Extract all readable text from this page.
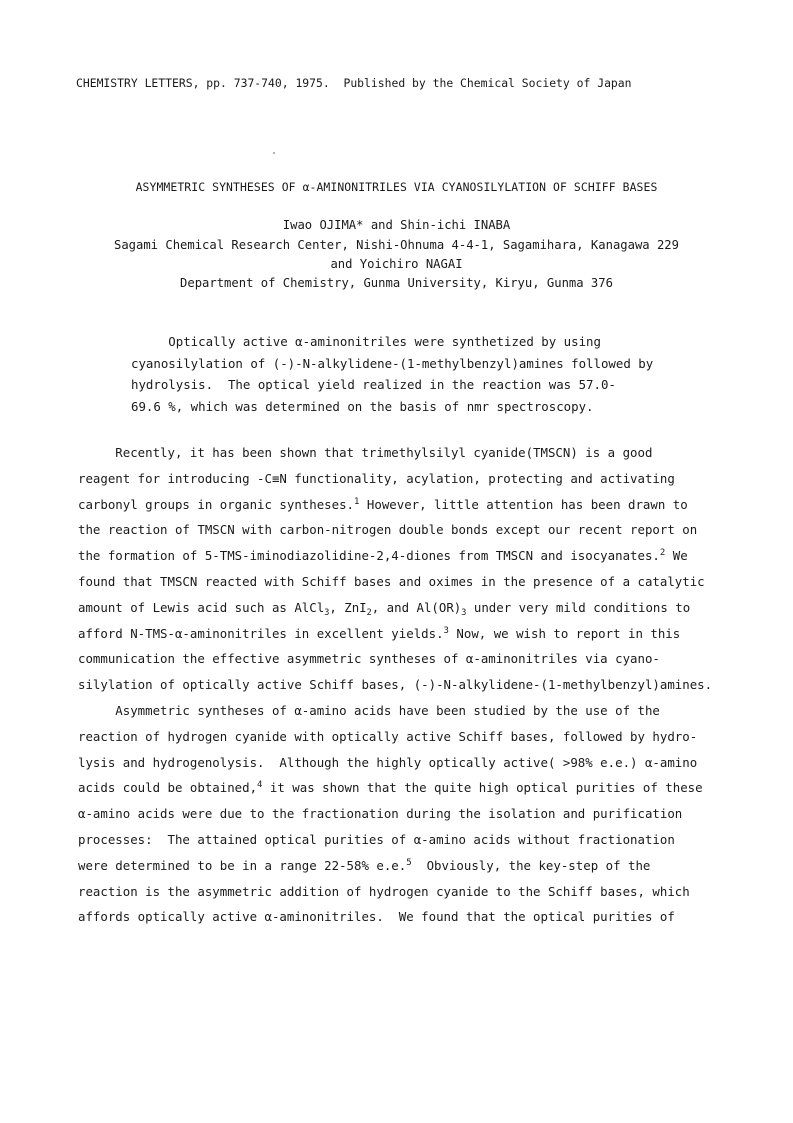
CHEMISTRY LETTERS, pp. 737-740, 1975. Published by the Chemical Society of Japan
ASYMMETRIC SYNTHESES OF α-AMINONITRILES VIA CYANOSILYLATION OF SCHIFF BASES
Iwao OJIMA* and Shin-ichi INABA
Sagami Chemical Research Center, Nishi-Ohnuma 4-4-1, Sagamihara, Kanagawa 229
and Yoichiro NAGAI
Department of Chemistry, Gunma University, Kiryu, Gunma 376
Optically active α-aminonitriles were synthetized by using
cyanosilylation of (-)-N-alkylidene-(1-methylbenzyl)amines followed by
hydrolysis.  The optical yield realized in the reaction was 57.0-
69.6 %, which was determined on the basis of nmr spectroscopy.
Recently, it has been shown that trimethylsilyl cyanide(TMSCN) is a good
reagent for introducing -C≡N functionality, acylation, protecting and activating
carbonyl groups in organic syntheses.$^1$ However, little attention has been drawn to
the reaction of TMSCN with carbon-nitrogen double bonds except our recent report on
the formation of 5-TMS-iminodiazolidine-2,4-diones from TMSCN and isocyanates.$^2$ We
found that TMSCN reacted with Schiff bases and oximes in the presence of a catalytic
amount of Lewis acid such as AlCl$_3$, ZnI$_2$, and $Al(OR)_3$ under very mild conditions to
afford N-TMS-α-aminonitriles in excellent yields.$^3$ Now, we wish to report in this
communication the effective asymmetric syntheses of α-aminonitriles via cyano-
silylation of optically active Schiff bases, (-)-N-alkylidene-(1-methylbenzyl)amines.
Asymmetric syntheses of α-amino acids have been studied by the use of the
reaction of hydrogen cyanide with optically active Schiff bases, followed by hydro-
lysis and hydrogenolysis.  Although the highly optically active( >98% e.e.) α-amino
acids could be obtained,$^4$ it was shown that the quite high optical purities of these
α-amino acids were due to the fractionation during the isolation and purification
processes:  The attained optical purities of α-amino acids without fractionation
were determined to be in a range 22-58% e.e.$^5$  Obviously, the key-step of the
reaction is the asymmetric addition of hydrogen cyanide to the Schiff bases, which
affords optically active α-aminonitriles.  We found that the optical purities of
